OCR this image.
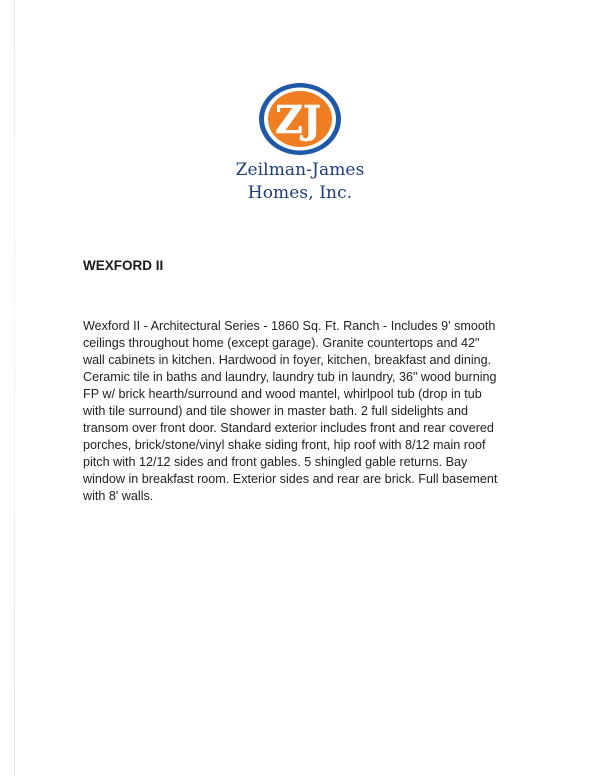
ZJ
Zeilman-James
Homes, Inc.
WEXFORD II
Wexford II - Architectural Series - 1860 Sq. Ft. Ranch - Includes 9' smooth
ceilings throughout home (except garage). Granite countertops and 42"
wall cabinets in kitchen. Hardwood in foyer, kitchen, breakfast and dining.
Ceramic tile in baths and laundry, laundry tub in laundry, 36" wood burning
FP w/ brick hearth/surround and wood mantel, whirlpool tub (drop in tub
with tile surround) and tile shower in master bath. 2 full sidelights and
transom over front door. Standard exterior includes front and rear covered
porches, brick/stone/vinyl shake siding front, hip roof with 8/12 main roof
pitch with 12/12 sides and front gables. 5 shingled gable returns. Bay
window in breakfast room. Exterior sides and rear are brick. Full basement
with 8' walls.
